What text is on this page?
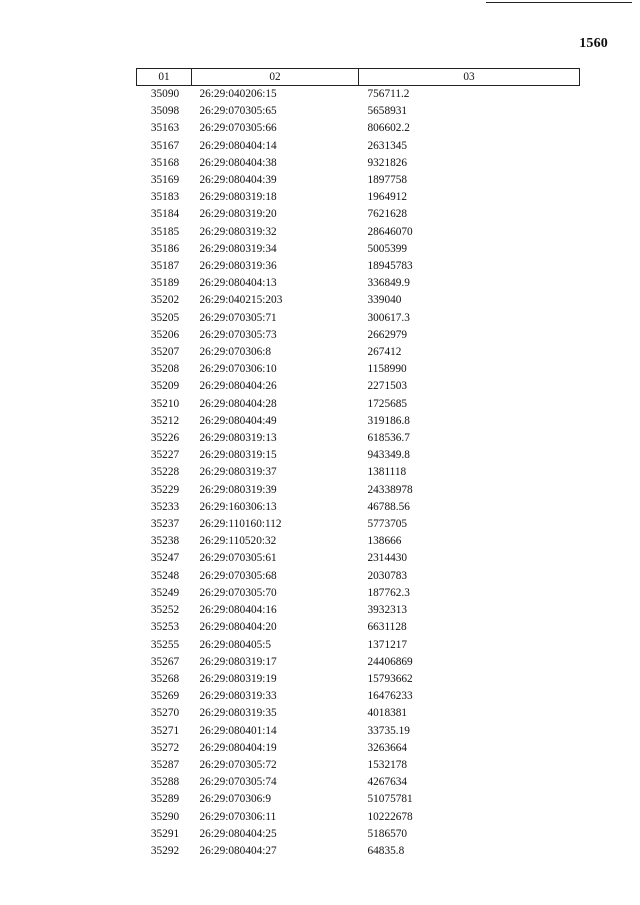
1560
01	02	03
35090	26:29:040206:15	756711.2
35098	26:29:070305:65	5658931
35163	26:29:070305:66	806602.2
35167	26:29:080404:14	2631345
35168	26:29:080404:38	9321826
35169	26:29:080404:39	1897758
35183	26:29:080319:18	1964912
35184	26:29:080319:20	7621628
35185	26:29:080319:32	28646070
35186	26:29:080319:34	5005399
35187	26:29:080319:36	18945783
35189	26:29:080404:13	336849.9
35202	26:29:040215:203	339040
35205	26:29:070305:71	300617.3
35206	26:29:070305:73	2662979
35207	26:29:070306:8	267412
35208	26:29:070306:10	1158990
35209	26:29:080404:26	2271503
35210	26:29:080404:28	1725685
35212	26:29:080404:49	319186.8
35226	26:29:080319:13	618536.7
35227	26:29:080319:15	943349.8
35228	26:29:080319:37	1381118
35229	26:29:080319:39	24338978
35233	26:29:160306:13	46788.56
35237	26:29:110160:112	5773705
35238	26:29:110520:32	138666
35247	26:29:070305:61	2314430
35248	26:29:070305:68	2030783
35249	26:29:070305:70	187762.3
35252	26:29:080404:16	3932313
35253	26:29:080404:20	6631128
35255	26:29:080405:5	1371217
35267	26:29:080319:17	24406869
35268	26:29:080319:19	15793662
35269	26:29:080319:33	16476233
35270	26:29:080319:35	4018381
35271	26:29:080401:14	33735.19
35272	26:29:080404:19	3263664
35287	26:29:070305:72	1532178
35288	26:29:070305:74	4267634
35289	26:29:070306:9	51075781
35290	26:29:070306:11	10222678
35291	26:29:080404:25	5186570
35292	26:29:080404:27	64835.8
